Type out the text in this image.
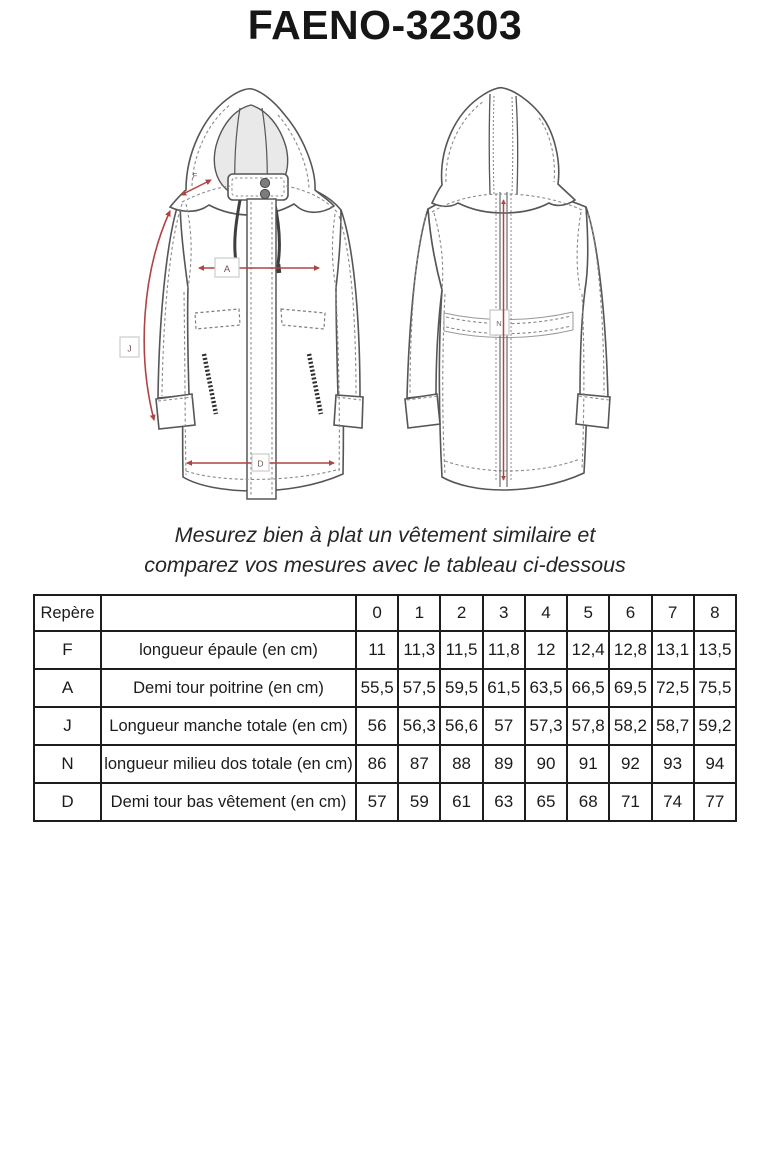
FAENO-32303
F
A
J
D
N

Mesurez bien à plat un vêtement similaire et
comparez vos mesures avec le tableau ci-dessous

Repère		0	1	2	3	4	5	6	7	8
F	longueur épaule (en cm)	11	11,3	11,5	11,8	12	12,4	12,8	13,1	13,5
A	Demi tour poitrine (en cm)	55,5	57,5	59,5	61,5	63,5	66,5	69,5	72,5	75,5
J	Longueur manche totale (en cm)	56	56,3	56,6	57	57,3	57,8	58,2	58,7	59,2
N	longueur milieu dos totale (en cm)	86	87	88	89	90	91	92	93	94
D	Demi tour bas vêtement (en cm)	57	59	61	63	65	68	71	74	77
